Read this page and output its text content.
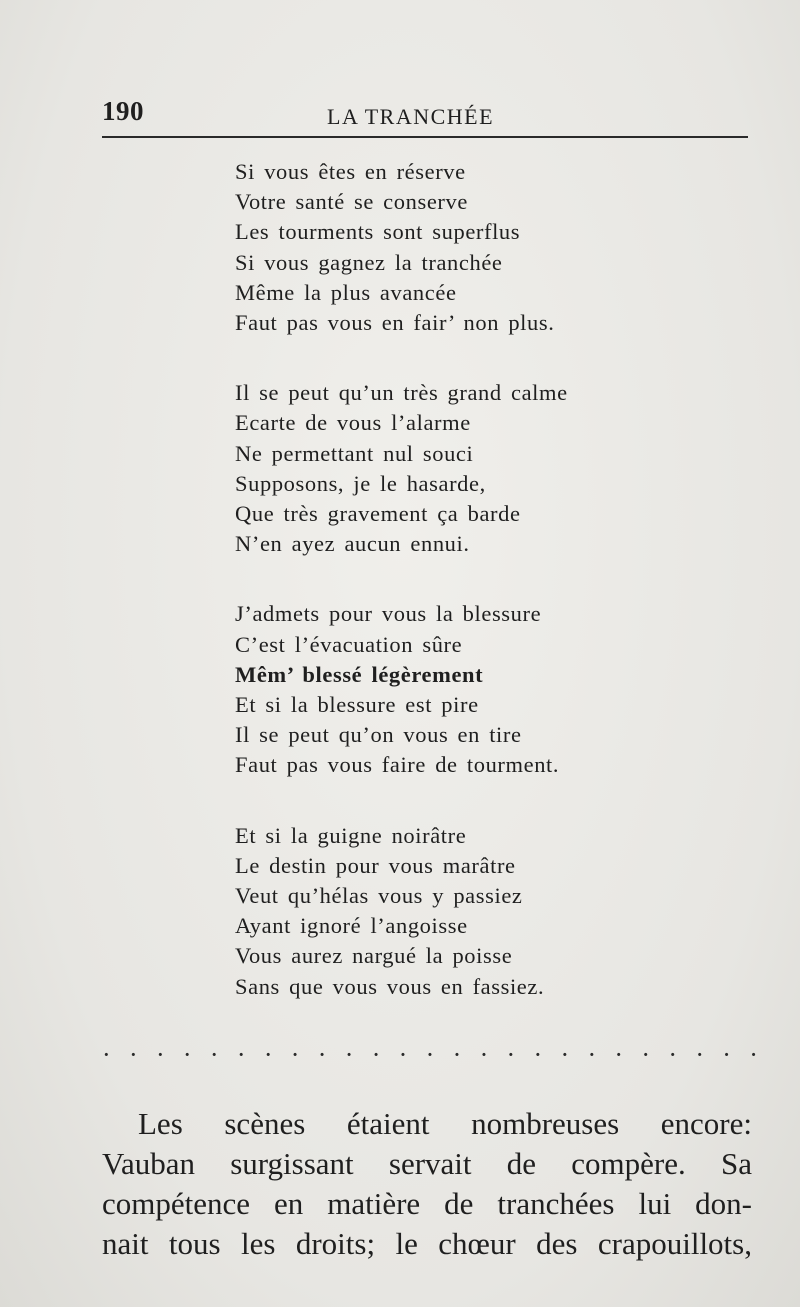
190	LA TRANCHÉE
Si vous êtes en réserve
Votre santé se conserve
Les tourments sont superflus
Si vous gagnez la tranchée
Même la plus avancée
Faut pas vous en fair’ non plus.
Il se peut qu’un très grand calme
Ecarte de vous l’alarme
Ne permettant nul souci
Supposons, je le hasarde,
Que très gravement ça barde
N’en ayez aucun ennui.
J’admets pour vous la blessure
C’est l’évacuation sûre
Mêm’ blessé légèrement
Et si la blessure est pire
Il se peut qu’on vous en tire
Faut pas vous faire de tourment.
Et si la guigne noirâtre
Le destin pour vous marâtre
Veut qu’hélas vous y passiez
Ayant ignoré l’angoisse
Vous aurez nargué la poisse
Sans que vous vous en fassiez.
· · · · · · · · · · · · · · · · · · · · · · · · ·
Les scènes étaient nombreuses encore:
Vauban surgissant servait de compère. Sa
compétence en matière de tranchées lui don-
nait tous les droits; le chœur des crapouillots,
